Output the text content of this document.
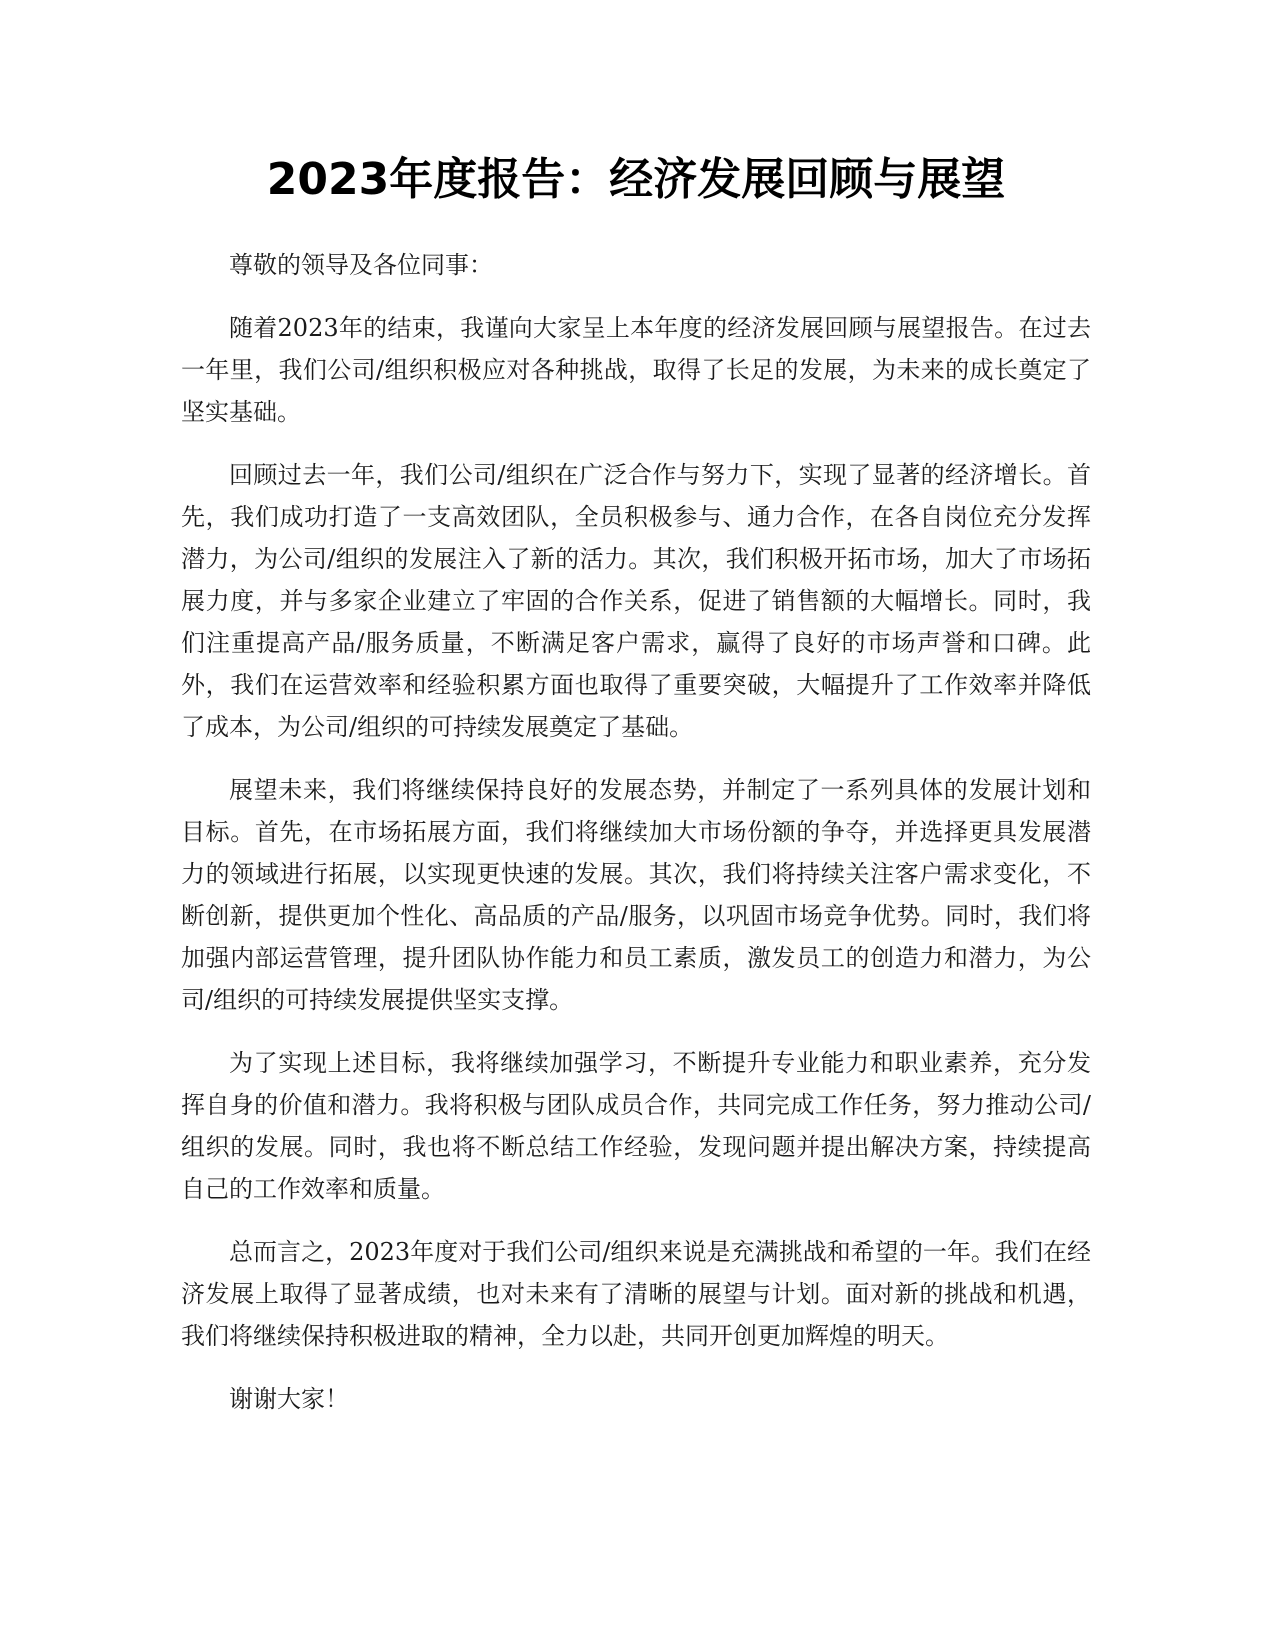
2023年度报告：经济发展回顾与展望

尊敬的领导及各位同事：

随着2023年的结束，我谨向大家呈上本年度的经济发展回顾与展望报告。在过去一年里，我们公司/组织积极应对各种挑战，取得了长足的发展，为未来的成长奠定了坚实基础。

回顾过去一年，我们公司/组织在广泛合作与努力下，实现了显著的经济增长。首先，我们成功打造了一支高效团队，全员积极参与、通力合作，在各自岗位充分发挥潜力，为公司/组织的发展注入了新的活力。其次，我们积极开拓市场，加大了市场拓展力度，并与多家企业建立了牢固的合作关系，促进了销售额的大幅增长。同时，我们注重提高产品/服务质量，不断满足客户需求，赢得了良好的市场声誉和口碑。此外，我们在运营效率和经验积累方面也取得了重要突破，大幅提升了工作效率并降低了成本，为公司/组织的可持续发展奠定了基础。

展望未来，我们将继续保持良好的发展态势，并制定了一系列具体的发展计划和目标。首先，在市场拓展方面，我们将继续加大市场份额的争夺，并选择更具发展潜力的领域进行拓展，以实现更快速的发展。其次，我们将持续关注客户需求变化，不断创新，提供更加个性化、高品质的产品/服务，以巩固市场竞争优势。同时，我们将加强内部运营管理，提升团队协作能力和员工素质，激发员工的创造力和潜力，为公司/组织的可持续发展提供坚实支撑。

为了实现上述目标，我将继续加强学习，不断提升专业能力和职业素养，充分发挥自身的价值和潜力。我将积极与团队成员合作，共同完成工作任务，努力推动公司/组织的发展。同时，我也将不断总结工作经验，发现问题并提出解决方案，持续提高自己的工作效率和质量。

总而言之，2023年度对于我们公司/组织来说是充满挑战和希望的一年。我们在经济发展上取得了显著成绩，也对未来有了清晰的展望与计划。面对新的挑战和机遇，我们将继续保持积极进取的精神，全力以赴，共同开创更加辉煌的明天。

谢谢大家！
